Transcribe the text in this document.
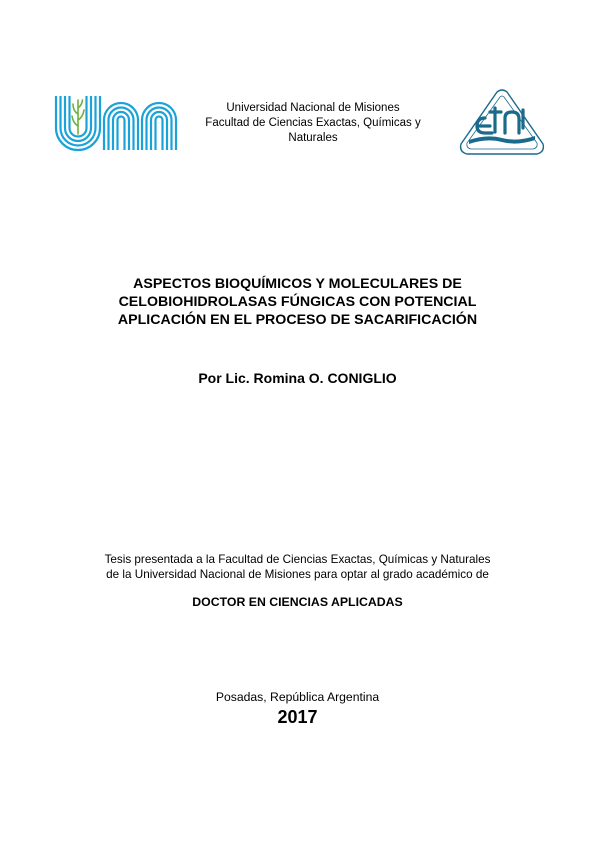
Universidad Nacional de Misiones
Facultad de Ciencias Exactas, Químicas y
Naturales
ASPECTOS BIOQUÍMICOS Y MOLECULARES DE
CELOBIOHIDROLASAS FÚNGICAS CON POTENCIAL
APLICACIÓN EN EL PROCESO DE SACARIFICACIÓN
Por Lic. Romina O. CONIGLIO
Tesis presentada a la Facultad de Ciencias Exactas, Químicas y Naturales
de la Universidad Nacional de Misiones para optar al grado académico de
DOCTOR EN CIENCIAS APLICADAS
Posadas, República Argentina
2017
